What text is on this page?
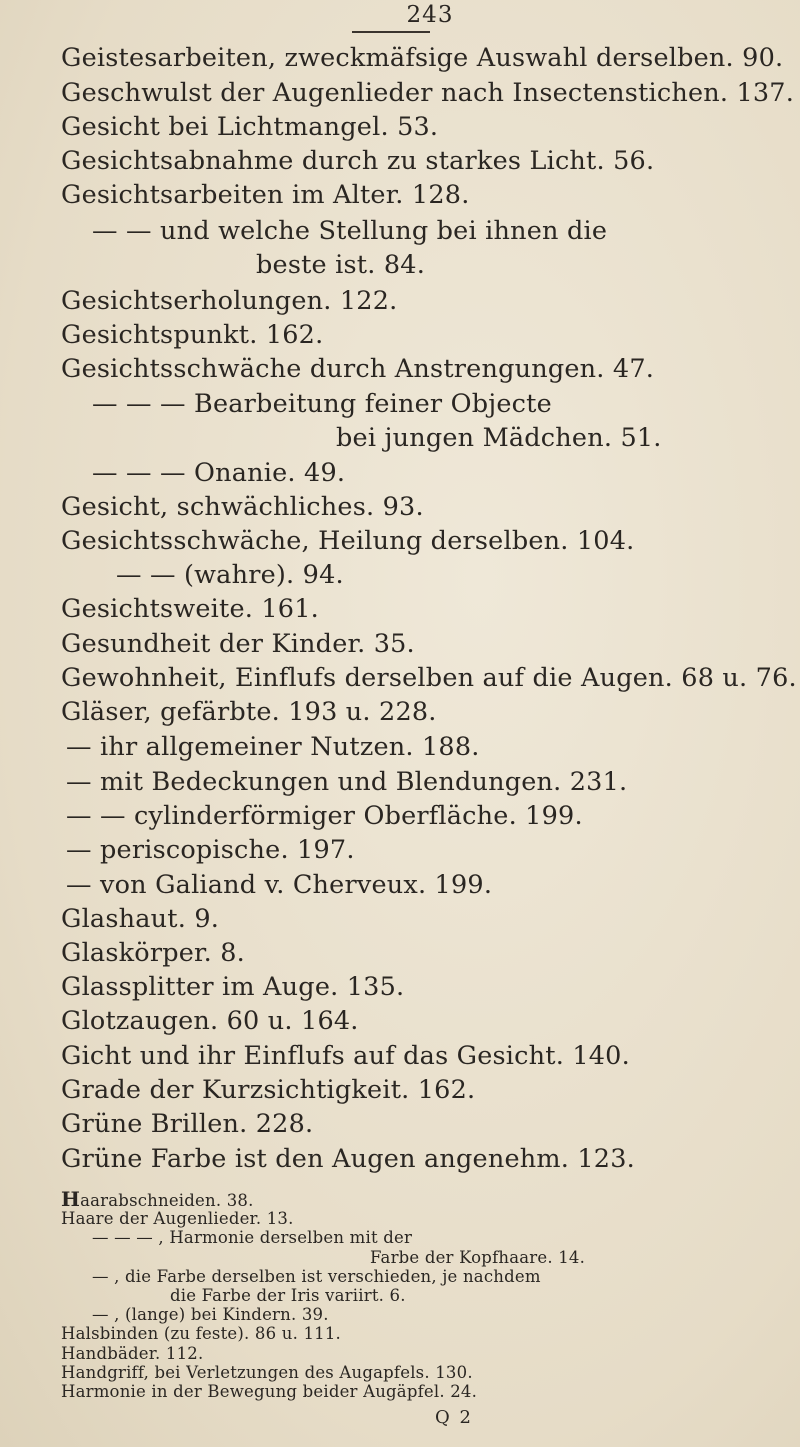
243
Geistesarbeiten, zweckmäfsige Auswahl derselben. 90.
Geschwulst der Augenlieder nach Insectenstichen. 137.
Gesicht bei Lichtmangel. 53.
Gesichtsabnahme durch zu starkes Licht. 56.
Gesichtsarbeiten im Alter. 128.
— — und welche Stellung bei ihnen die
beste ist. 84.
Gesichtserholungen. 122.
Gesichtspunkt. 162.
Gesichtsschwäche durch Anstrengungen. 47.
— — — Bearbeitung feiner Objecte
bei jungen Mädchen. 51.
— — — Onanie. 49.
Gesicht, schwächliches. 93.
Gesichtsschwäche, Heilung derselben. 104.
— — (wahre). 94.
Gesichtsweite. 161.
Gesundheit der Kinder. 35.
Gewohnheit, Einflufs derselben auf die Augen. 68 u. 76.
Gläser, gefärbte. 193 u. 228.
— ihr allgemeiner Nutzen. 188.
— mit Bedeckungen und Blendungen. 231.
— — cylinderförmiger Oberfläche. 199.
— periscopische. 197.
— von Galiand v. Cherveux. 199.
Glashaut. 9.
Glaskörper. 8.
Glassplitter im Auge. 135.
Glotzaugen. 60 u. 164.
Gicht und ihr Einflufs auf das Gesicht. 140.
Grade der Kurzsichtigkeit. 162.
Grüne Brillen. 228.
Grüne Farbe ist den Augen angenehm. 123.
Haarabschneiden. 38.
Haare der Augenlieder. 13.
— — — , Harmonie derselben mit der
Farbe der Kopfhaare. 14.
— , die Farbe derselben ist verschieden, je nachdem
die Farbe der Iris variirt. 6.
— , (lange) bei Kindern. 39.
Halsbinden (zu feste). 86 u. 111.
Handbäder. 112.
Handgriff, bei Verletzungen des Augapfels. 130.
Harmonie in der Bewegung beider Augäpfel. 24.
Q 2
